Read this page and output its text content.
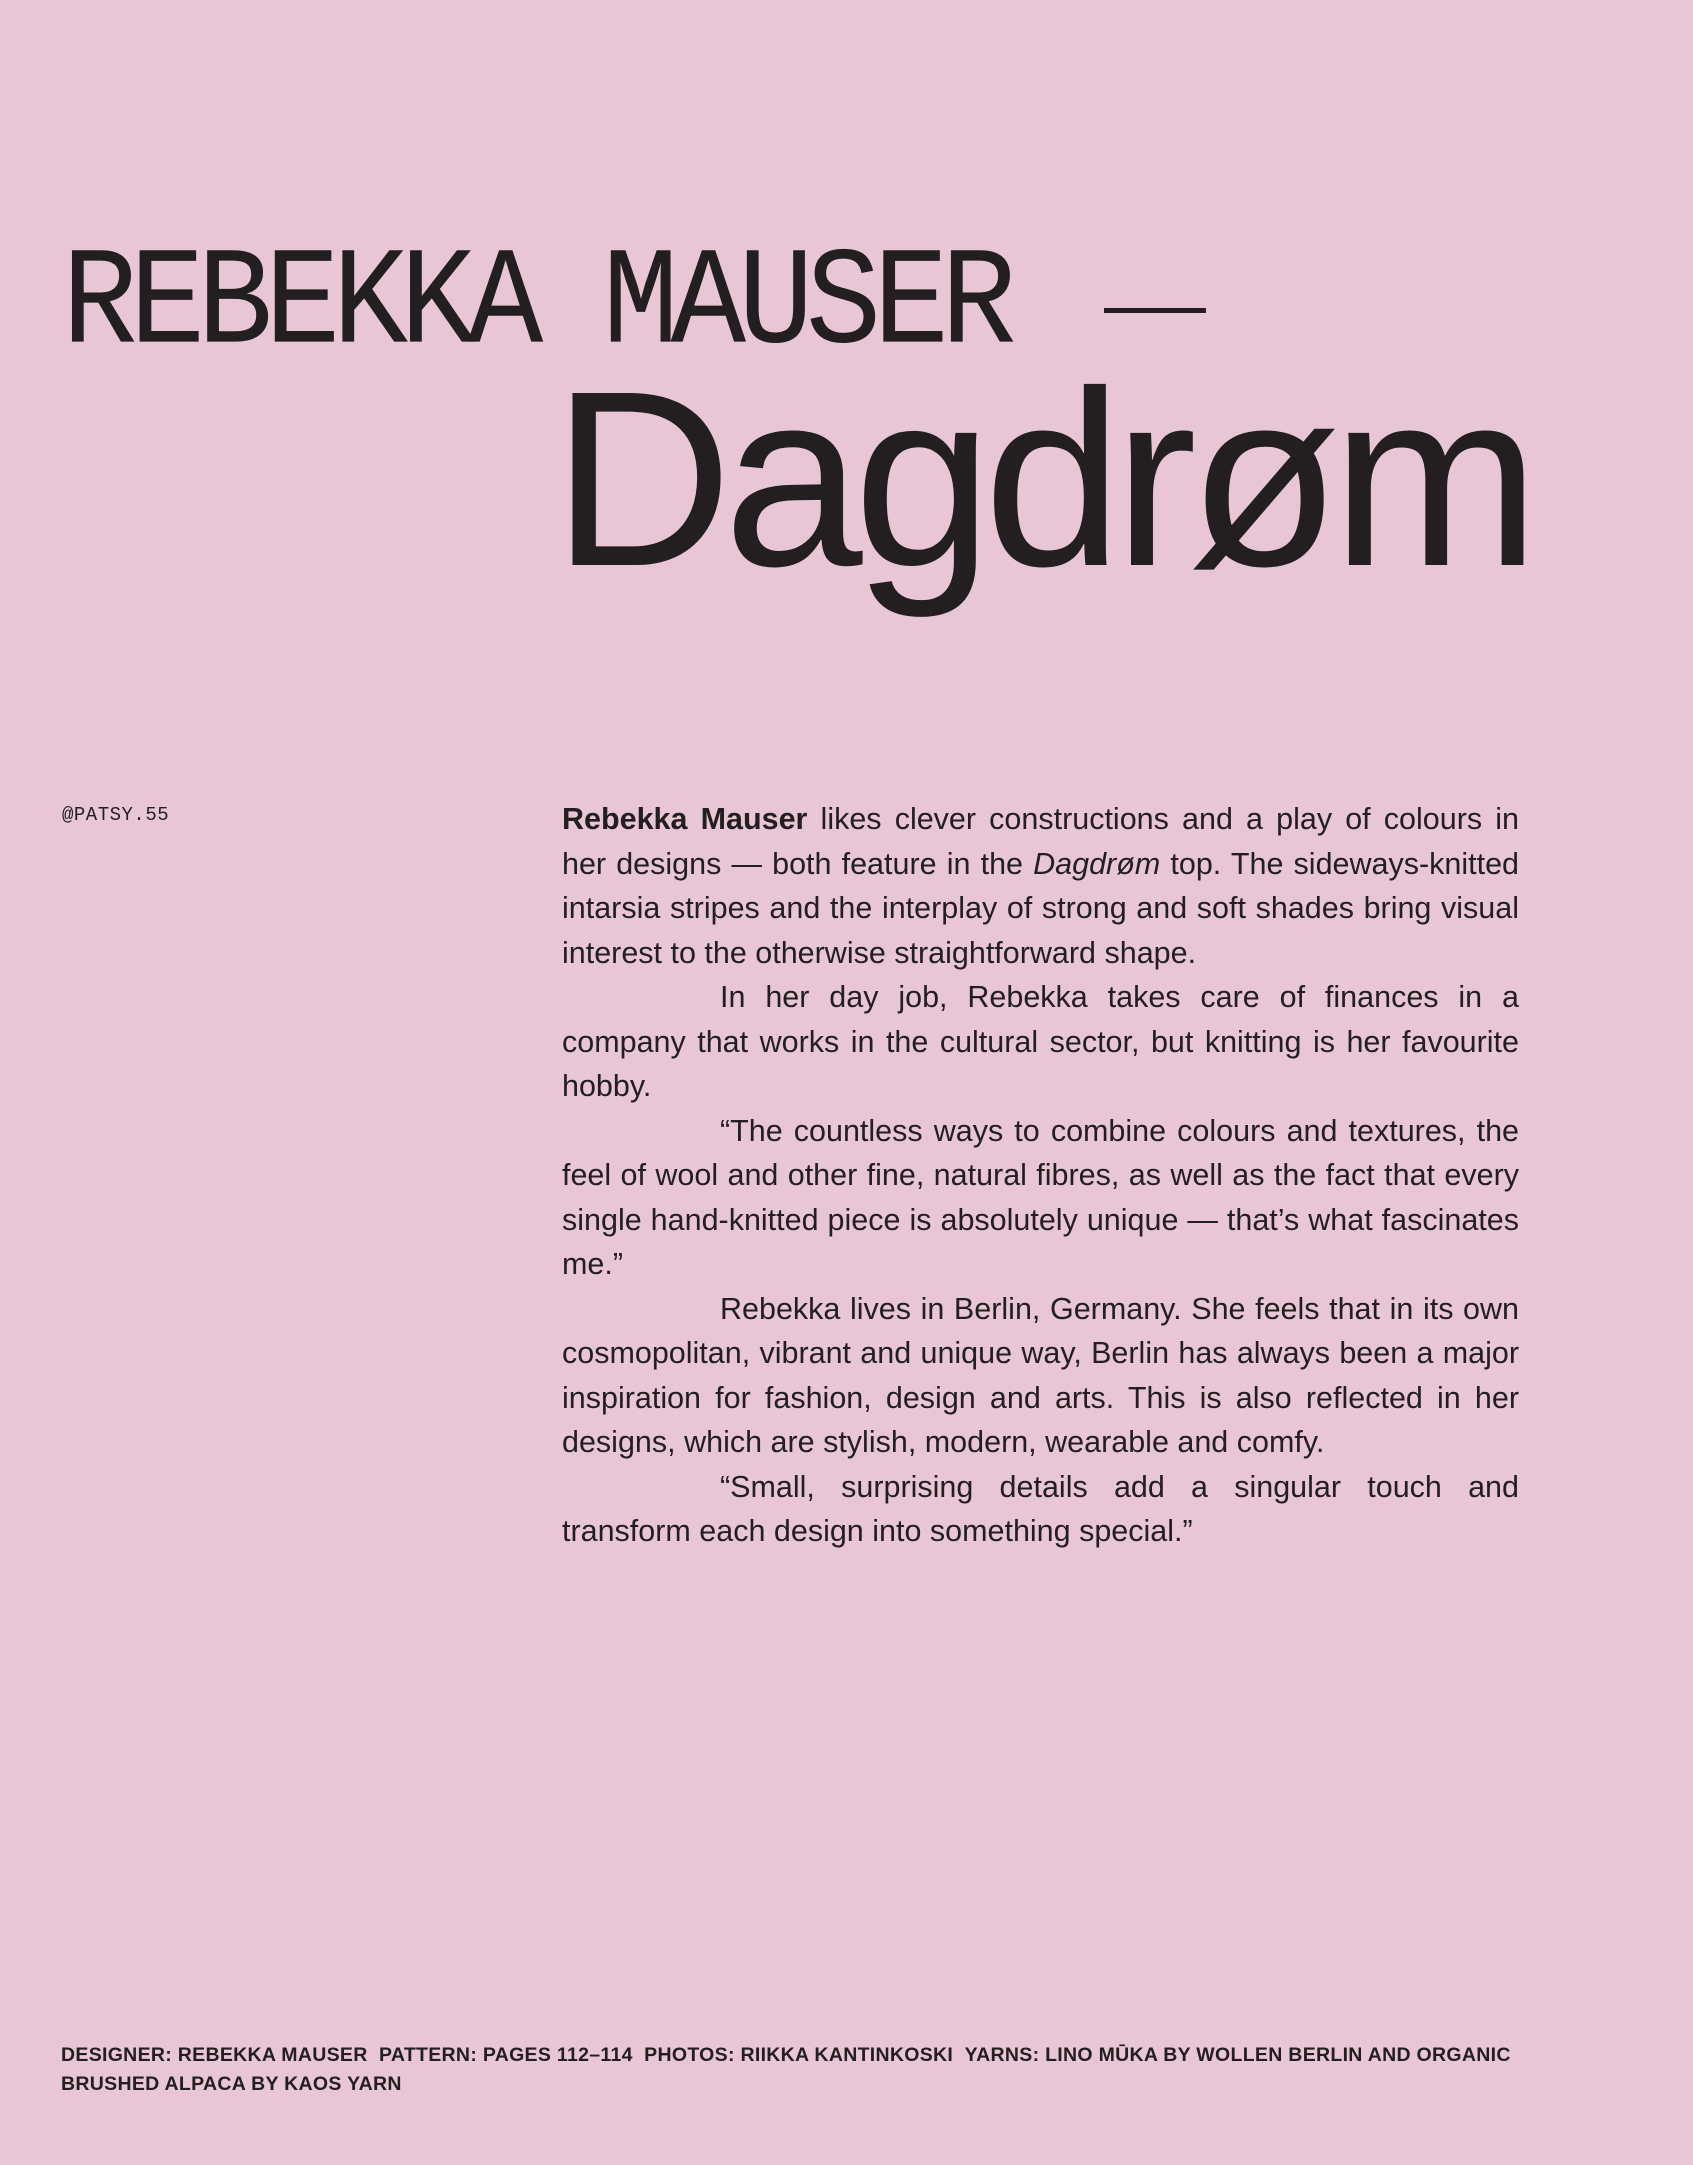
REBEKKA MAUSER
Dagdrøm
@PATSY.55	Rebekka Mauser likes clever constructions and a play of colours in her designs — both feature in the Dagdrøm top. The sideways-knitted intarsia stripes and the interplay of strong and soft shades bring visual interest to the otherwise straightforward shape.

In her day job, Rebekka takes care of finances in a company that works in the cultural sector, but knitting is her favourite hobby.

“The countless ways to combine colours and textures, the feel of wool and other fine, natural fibres, as well as the fact that every single hand-knitted piece is absolutely unique — that’s what fascinates me.”

Rebekka lives in Berlin, Germany. She feels that in its own cosmopolitan, vibrant and unique way, Berlin has always been a major inspiration for fashion, design and arts. This is also reflected in her designs, which are stylish, modern, wearable and comfy.

“Small, surprising details add a singular touch and transform each design into something special.”

DESIGNER: REBEKKA MAUSER PATTERN: PAGES 112–114 PHOTOS: RIIKKA KANTINKOSKI YARNS: LINO MŪKA BY WOLLEN BERLIN AND ORGANIC BRUSHED ALPACA BY KAOS YARN
